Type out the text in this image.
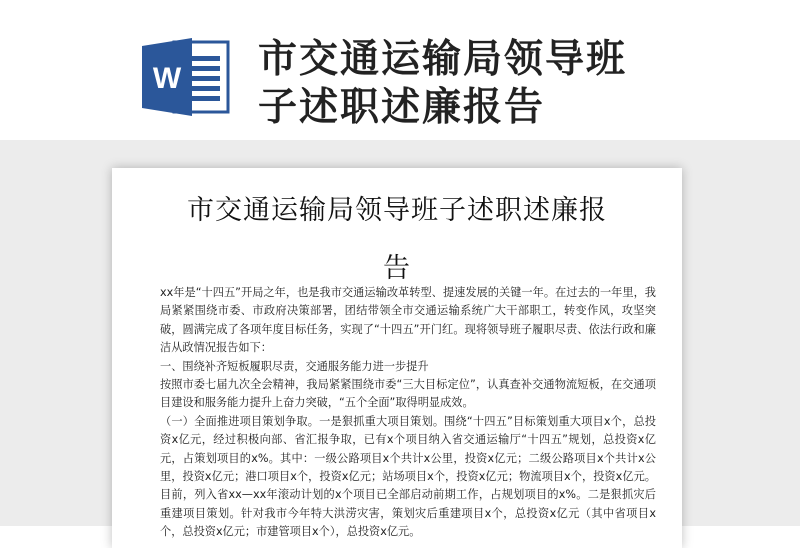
W 市交通运输局领导班
子述职述廉报告
市交通运输局领导班子述职述廉报
告

xx年是“十四五”开局之年，也是我市交通运输改革转型、提速发展的关键一年。在过去的一年里，我局紧紧围绕市委、市政府决策部署，团结带领全市交通运输系统广大干部职工，转变作风，攻坚突破，圆满完成了各项年度目标任务，实现了“十四五”开门红。现将领导班子履职尽责、依法行政和廉洁从政情况报告如下：

一、围绕补齐短板履职尽责，交通服务能力进一步提升

按照市委七届九次全会精神，我局紧紧围绕市委“三大目标定位”，认真查补交通物流短板，在交通项目建设和服务能力提升上奋力突破，“五个全面”取得明显成效。

（一）全面推进项目策划争取。一是狠抓重大项目策划。围绕“十四五”目标策划重大项目x个，总投资x亿元，经过积极向部、省汇报争取，已有x个项目纳入省交通运输厅“十四五”规划，总投资x亿元，占策划项目的x%。其中：一级公路项目x个共计x公里，投资x亿元；二级公路项目x个共计x公里，投资x亿元；港口项目x个，投资x亿元；站场项目x个，投资x亿元；物流项目x个，投资x亿元。目前，列入省xx—xx年滚动计划的x个项目已全部启动前期工作，占规划项目的x%。二是狠抓灾后重建项目策划。针对我市今年特大洪涝灾害，策划灾后重建项目x个，总投资x亿元（其中省项目x个，总投资x亿元；市建管项目x个），总投资x亿元。
